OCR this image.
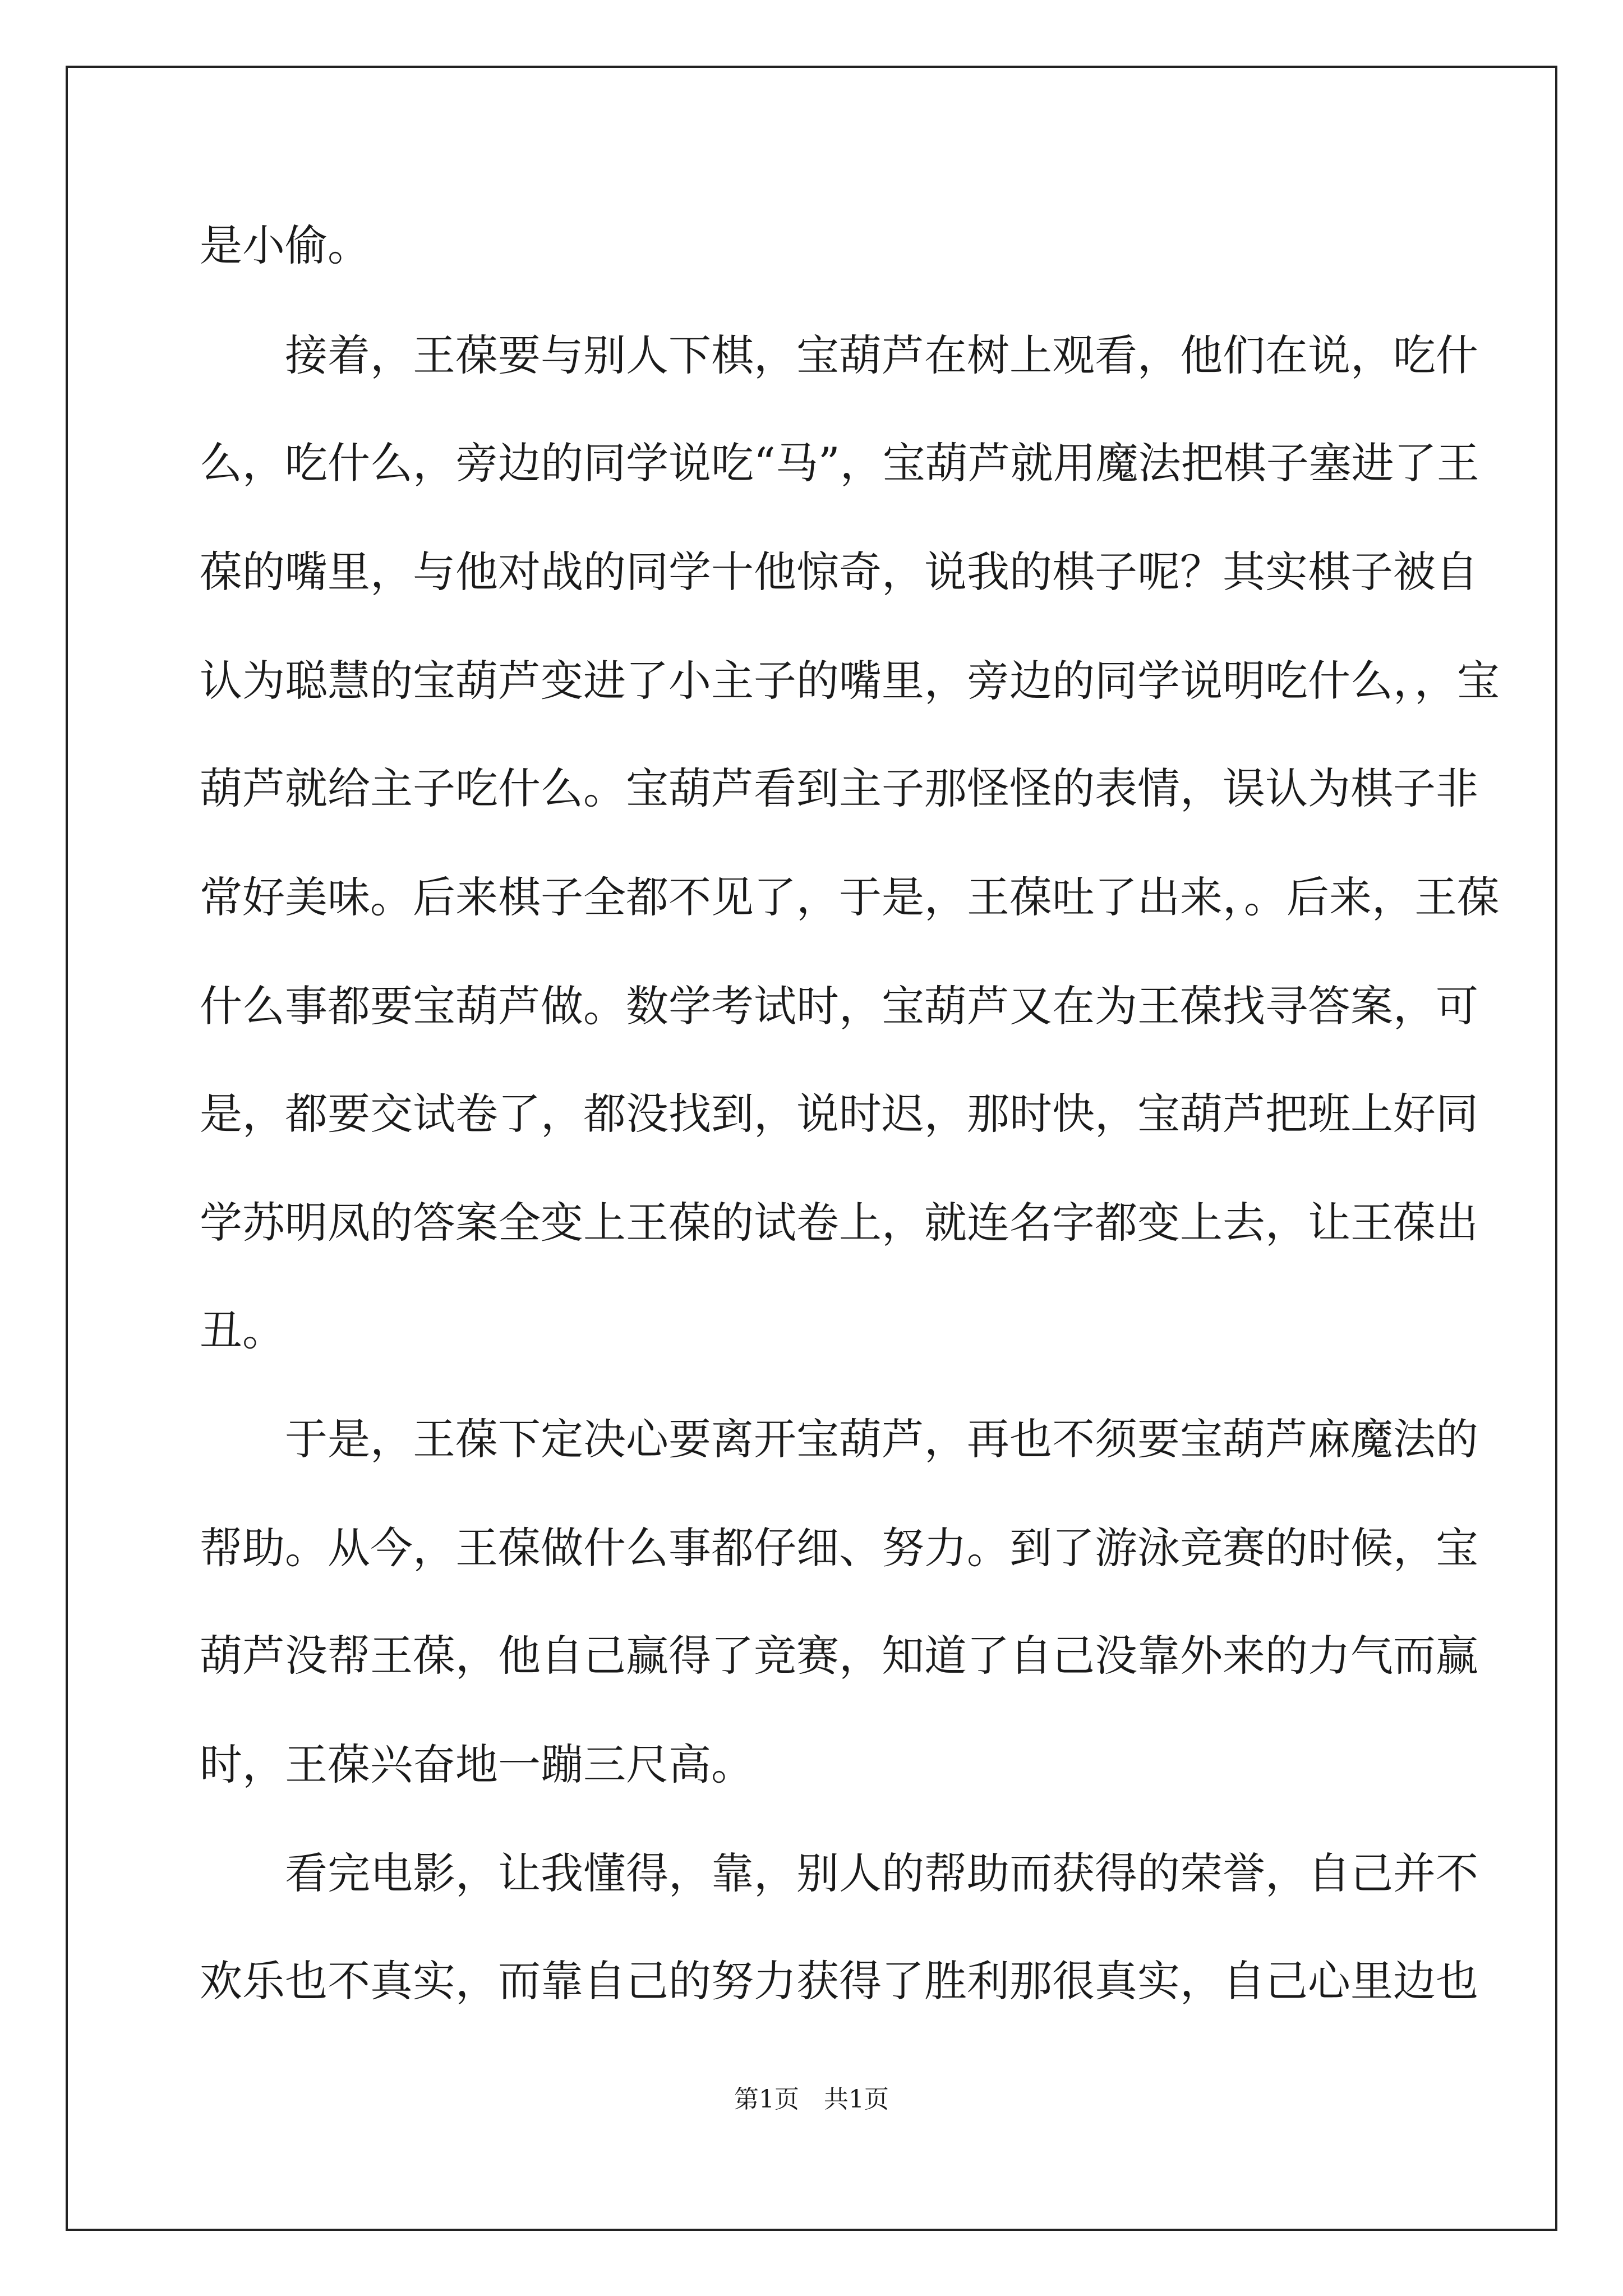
是小偷。

接着，王葆要与别人下棋，宝葫芦在树上观看，他们在说，吃什

么，吃什么，旁边的同学说吃“马”，宝葫芦就用魔法把棋子塞进了王

葆的嘴里，与他对战的同学十他惊奇，说我的棋子呢？其实棋子被自

认为聪慧的宝葫芦变进了小主子的嘴里，旁边的同学说明吃什么，，宝

葫芦就给主子吃什么。宝葫芦看到主子那怪怪的表情，误认为棋子非

常好美味。后来棋子全都不见了，于是，王葆吐了出来，。后来，王葆

什么事都要宝葫芦做。数学考试时，宝葫芦又在为王葆找寻答案，可

是，都要交试卷了，都没找到，说时迟，那时快，宝葫芦把班上好同

学苏明凤的答案全变上王葆的试卷上，就连名字都变上去，让王葆出

丑。

于是，王葆下定决心要离开宝葫芦，再也不须要宝葫芦麻魔法的

帮助。从今，王葆做什么事都仔细、努力。到了游泳竞赛的时候，宝

葫芦没帮王葆，他自己赢得了竞赛，知道了自己没靠外来的力气而赢

时，王葆兴奋地一蹦三尺高。

看完电影，让我懂得，靠，别人的帮助而获得的荣誉，自己并不

欢乐也不真实，而靠自己的努力获得了胜利那很真实，自己心里边也

第1页　共1页
